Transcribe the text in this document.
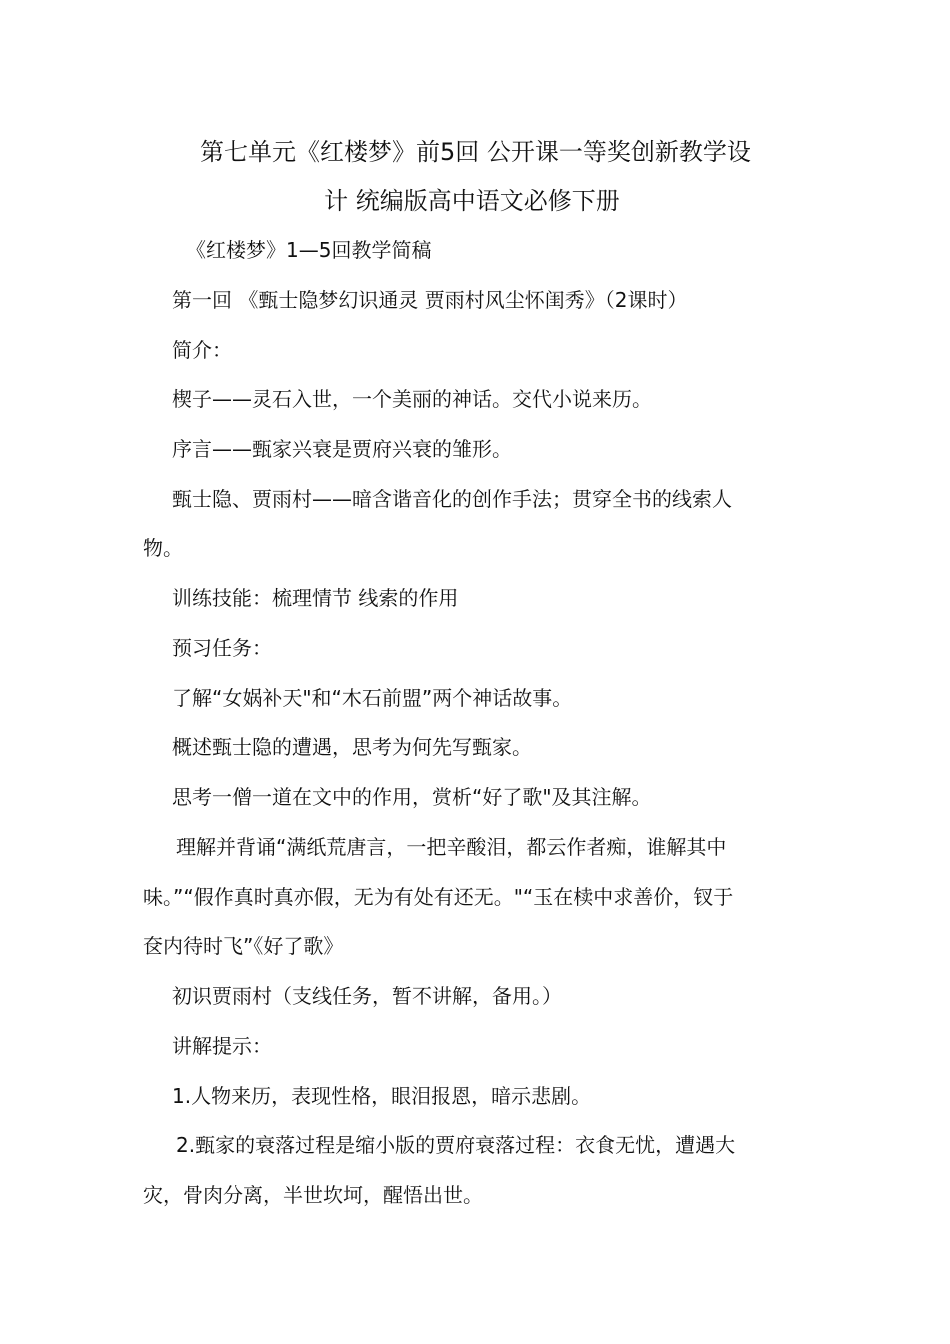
第七单元《红楼梦》前5回 公开课一等奖创新教学设
计 统编版高中语文必修下册
《红楼梦》1—5回教学简稿
第一回 《甄士隐梦幻识通灵 贾雨村风尘怀闺秀》（2课时）
简介：
楔子——灵石入世，一个美丽的神话。交代小说来历。
序言——甄家兴衰是贾府兴衰的雏形。
甄士隐、贾雨村——暗含谐音化的创作手法；贯穿全书的线索人
物。
训练技能：梳理情节 线索的作用
预习任务：
了解“女娲补天"和“木石前盟”两个神话故事。
概述甄士隐的遭遇，思考为何先写甄家。
思考一僧一道在文中的作用，赏析“好了歌"及其注解。
理解并背诵“满纸荒唐言，一把辛酸泪，都云作者痴，谁解其中
味。”“假作真时真亦假，无为有处有还无。"“玉在椟中求善价，钗于
奁内待时飞”《好了歌》
初识贾雨村（支线任务，暂不讲解，备用。）
讲解提示：
1.人物来历，表现性格，眼泪报恩，暗示悲剧。
2.甄家的衰落过程是缩小版的贾府衰落过程：衣食无忧，遭遇大
灾，骨肉分离，半世坎坷，醒悟出世。
